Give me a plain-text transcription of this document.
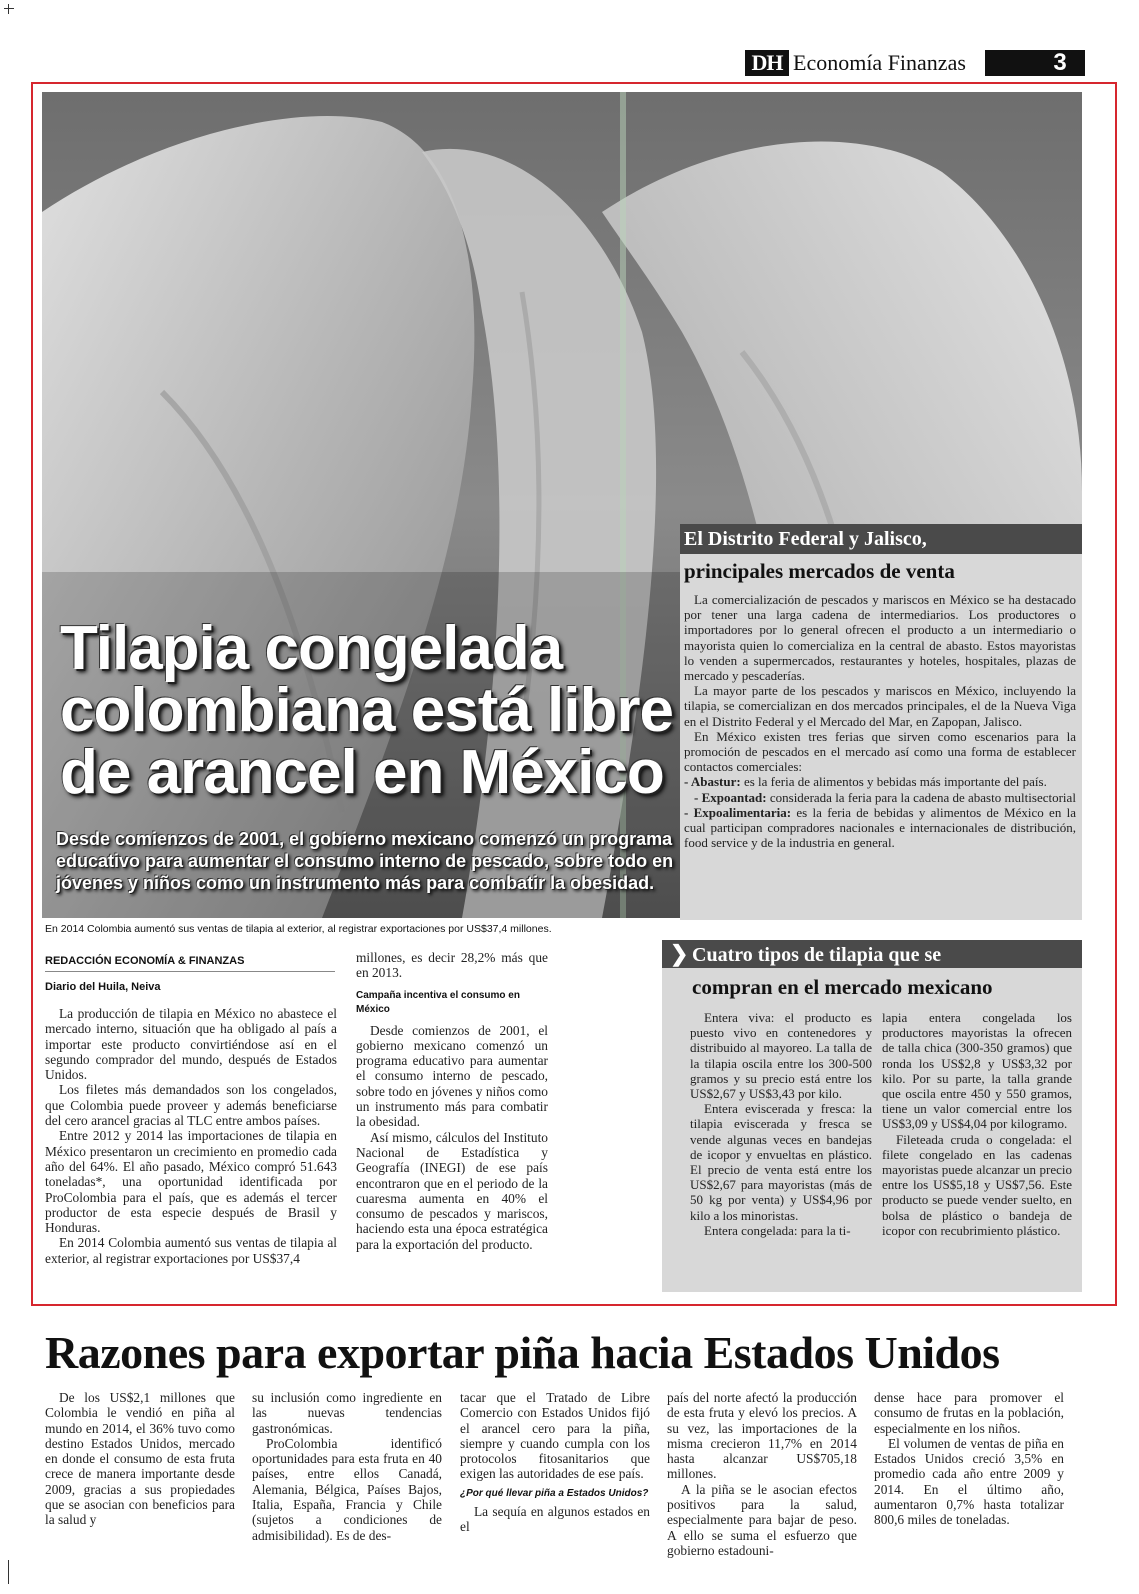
DH Economía Finanzas	3
Tilapia congelada colombiana está libre de arancel en México

Desde comienzos de 2001, el gobierno mexicano comenzó un programa educativo para aumentar el consumo interno de pescado, sobre todo en jóvenes y niños como un instrumento más para combatir la obesidad.

El Distrito Federal y Jalisco,
principales mercados de venta

La comercialización de pescados y mariscos en México se ha destacado por tener una larga cadena de intermediarios. Los productores o importadores por lo general ofrecen el producto a un intermediario o mayorista quien lo comercializa en la central de abasto. Estos mayoristas lo venden a supermercados, restaurantes y hoteles, hospitales, plazas de mercado y pescaderías.

La mayor parte de los pescados y mariscos en México, incluyendo la tilapia, se comercializan en dos mercados principales, el de la Nueva Viga en el Distrito Federal y el Mercado del Mar, en Zapopan, Jalisco.

En México existen tres ferias que sirven como escenarios para la promoción de pescados en el mercado así como una forma de establecer contactos comerciales:

- Abastur: es la feria de alimentos y bebidas más importante del país.

- Expoantad: considerada la feria para la cadena de abasto multisectorial

- Expoalimentaria: es la feria de bebidas y alimentos de México en la cual participan compradores nacionales e internacionales de distribución, food service y de la industria en general.

En 2014 Colombia aumentó sus ventas de tilapia al exterior, al registrar exportaciones por US$37,4 millones.
REDACCIÓN ECONOMÍA & FINANZAS
Diario del Huila, Neiva

La producción de tilapia en México no abastece el mercado interno, situación que ha obligado al país a importar este producto convirtiéndose así en el segundo comprador del mundo, después de Estados Unidos.

Los filetes más demandados son los congelados, que Colombia puede proveer y además beneficiarse del cero arancel gracias al TLC entre ambos países.

Entre 2012 y 2014 las importaciones de tilapia en México presentaron un crecimiento en promedio cada año del 64%. El año pasado, México compró 51.643 toneladas*, una oportunidad identificada por ProColombia para el país, que es además el tercer productor de esta especie después de Brasil y Honduras.

En 2014 Colombia aumentó sus ventas de tilapia al exterior, al registrar exportaciones por US$37,4

millones, es decir 28,2% más que en 2013.

Campaña incentiva el consumo en México

Desde comienzos de 2001, el gobierno mexicano comenzó un programa educativo para aumentar el consumo interno de pescado, sobre todo en jóvenes y niños como un instrumento más para combatir la obesidad.

Así mismo, cálculos del Instituto Nacional de Estadística y Geografía (INEGI) de ese país encontraron que en el periodo de la cuaresma aumenta en 40% el consumo de pescados y mariscos, haciendo esta una época estratégica para la exportación del producto.

❯ Cuatro tipos de tilapia que se
compran en el mercado mexicano

Entera viva: el producto es puesto vivo en contenedores y distribuido al mayoreo. La talla de la tilapia oscila entre los 300-500 gramos y su precio está entre los US$2,67 y US$3,43 por kilo.

Entera eviscerada y fresca: la tilapia eviscerada y fresca se vende algunas veces en bandejas de icopor y envueltas en plástico. El precio de venta está entre los US$2,67 para mayoristas (más de 50 kg por venta) y US$4,96 por kilo a los minoristas.

Entera congelada: para la ti-

lapia entera congelada los productores mayoristas la ofrecen de talla chica (300-350 gramos) que ronda los US$2,8 y US$3,32 por kilo. Por su parte, la talla grande que oscila entre 450 y 550 gramos, tiene un valor comercial entre los US$3,09 y US$4,04 por kilogramo.

Fileteada cruda o congelada: el filete congelado en las cadenas mayoristas puede alcanzar un precio entre los US$5,18 y US$7,56. Este producto se puede vender suelto, en bolsa de plástico o bandeja de icopor con recubrimiento plástico.

Razones para exportar piña hacia Estados Unidos

De los US$2,1 millones que Colombia le vendió en piña al mundo en 2014, el 36% tuvo como destino Estados Unidos, mercado en donde el consumo de esta fruta crece de manera importante desde 2009, gracias a sus propiedades que se asocian con beneficios para la salud y

su inclusión como ingrediente en las nuevas tendencias gastronómicas.

ProColombia identificó oportunidades para esta fruta en 40 países, entre ellos Canadá, Alemania, Bélgica, Países Bajos, Italia, España, Francia y Chile (sujetos a condiciones de admisibilidad). Es de des-

tacar que el Tratado de Libre Comercio con Estados Unidos fijó el arancel cero para la piña, siempre y cuando cumpla con los protocolos fitosanitarios que exigen las autoridades de ese país.

¿Por qué llevar piña a Estados Unidos?

La sequía en algunos estados en el

país del norte afectó la producción de esta fruta y elevó los precios. A su vez, las importaciones de la misma crecieron 11,7% en 2014 hasta alcanzar US$705,18 millones.

A la piña se le asocian efectos positivos para la salud, especialmente para bajar de peso. A ello se suma el esfuerzo que gobierno estadouni-

dense hace para promover el consumo de frutas en la población, especialmente en los niños.

El volumen de ventas de piña en Estados Unidos creció 3,5% en promedio cada año entre 2009 y 2014. En el último año, aumentaron 0,7% hasta totalizar 800,6 miles de toneladas.
